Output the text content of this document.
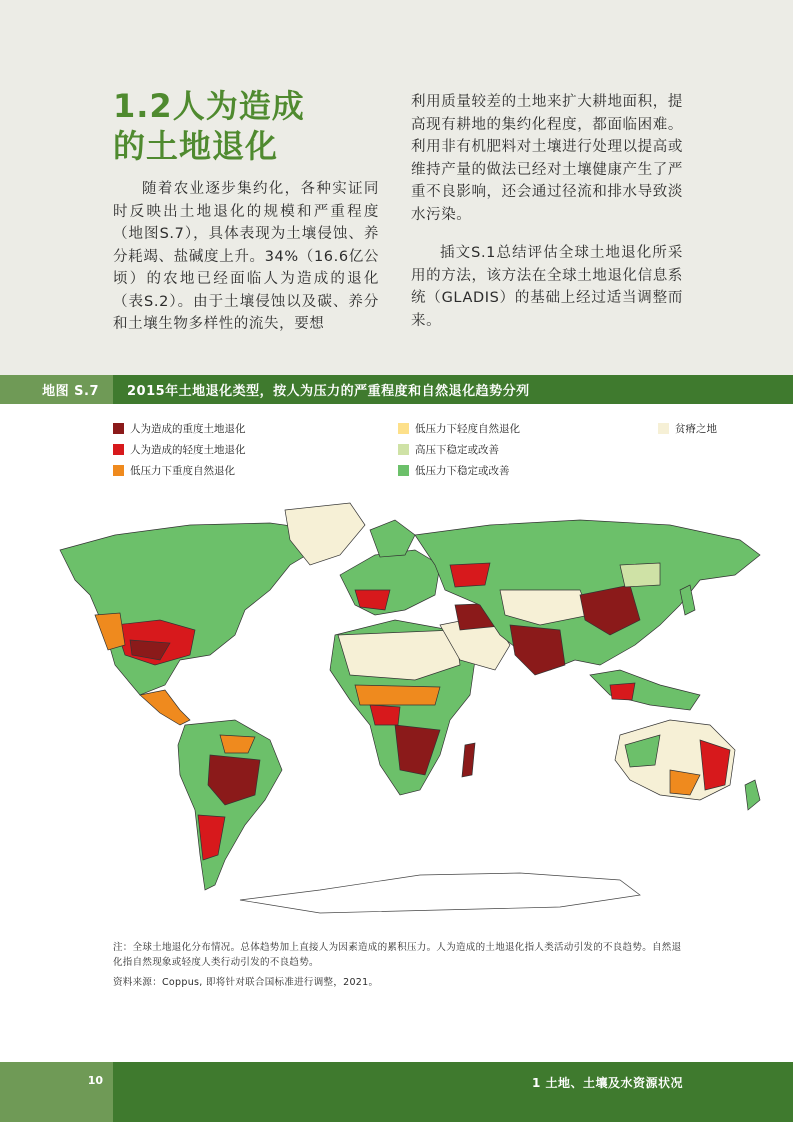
1.2人为造成
的土地退化

随着农业逐步集约化，各种实证同时反映出土地退化的规模和严重程度（地图S.7），具体表现为土壤侵蚀、养分耗竭、盐碱度上升。34%（16.6亿公顷）的农地已经面临人为造成的退化（表S.2）。由于土壤侵蚀以及碳、养分和土壤生物多样性的流失，要想

利用质量较差的土地来扩大耕地面积，提高现有耕地的集约化程度，都面临困难。利用非有机肥料对土壤进行处理以提高或维持产量的做法已经对土壤健康产生了严重不良影响，还会通过径流和排水导致淡水污染。

插文S.1总结评估全球土地退化所采用的方法，该方法在全球土地退化信息系统（GLADIS）的基础上经过适当调整而来。

地图 S.7	2015年土地退化类型，按人为压力的严重程度和自然退化趋势分列
人为造成的重度土地退化
人为造成的轻度土地退化
低压力下重度自然退化
低压力下轻度自然退化
高压下稳定或改善
低压力下稳定或改善
贫瘠之地

注：全球土地退化分布情况。总体趋势加上直接人为因素造成的累积压力。人为造成的土地退化指人类活动引发的不良趋势。自然退化指自然现象或轻度人类行动引发的不良趋势。

资料来源：Coppus, 即将针对联合国标准进行调整，2021。

10	1 土地、土壤及水资源状况
